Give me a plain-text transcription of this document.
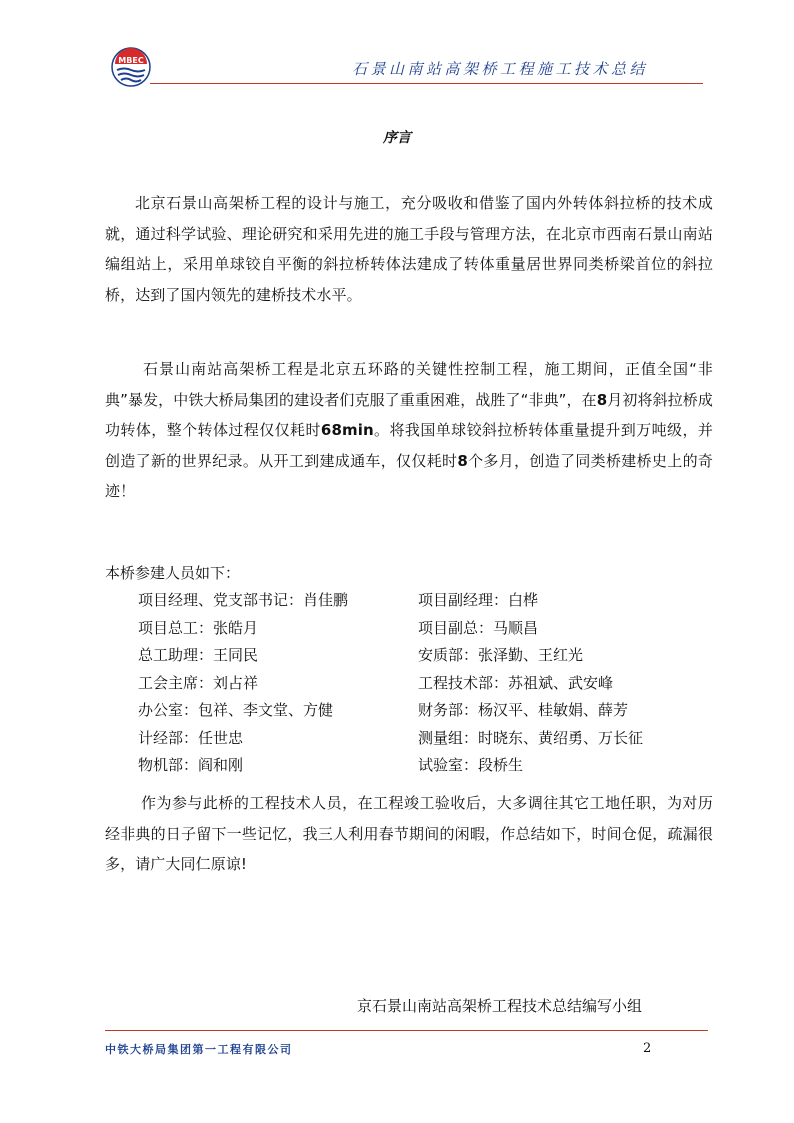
MBEC	石景山南站高架桥工程施工技术总结
序言

北京石景山高架桥工程的设计与施工，充分吸收和借鉴了国内外转体斜拉桥的技术成就，通过科学试验、理论研究和采用先进的施工手段与管理方法，在北京市西南石景山南站编组站上，采用单球铰自平衡的斜拉桥转体法建成了转体重量居世界同类桥梁首位的斜拉桥，达到了国内领先的建桥技术水平。

石景山南站高架桥工程是北京五环路的关键性控制工程，施工期间，正值全国“非典”暴发，中铁大桥局集团的建设者们克服了重重困难，战胜了“非典”，在8月初将斜拉桥成功转体，整个转体过程仅仅耗时68min。将我国单球铰斜拉桥转体重量提升到万吨级，并创造了新的世界纪录。从开工到建成通车，仅仅耗时8个多月，创造了同类桥建桥史上的奇迹！

本桥参建人员如下：
项目经理、党支部书记：肖佳鹏	项目副经理：白桦
项目总工：张皓月	项目副总：马顺昌
总工助理：王同民	安质部：张泽勤、王红光
工会主席：刘占祥	工程技术部：苏祖斌、武安峰
办公室：包祥、李文堂、方健	财务部：杨汉平、桂敏娟、薛芳
计经部：任世忠	测量组：时晓东、黄绍勇、万长征
物机部：阎和刚	试验室：段桥生

作为参与此桥的工程技术人员，在工程竣工验收后，大多调往其它工地任职，为对历经非典的日子留下一些记忆，我三人利用春节期间的闲暇，作总结如下，时间仓促，疏漏很多，请广大同仁原谅!

京石景山南站高架桥工程技术总结编写小组
中铁大桥局集团第一工程有限公司	2
